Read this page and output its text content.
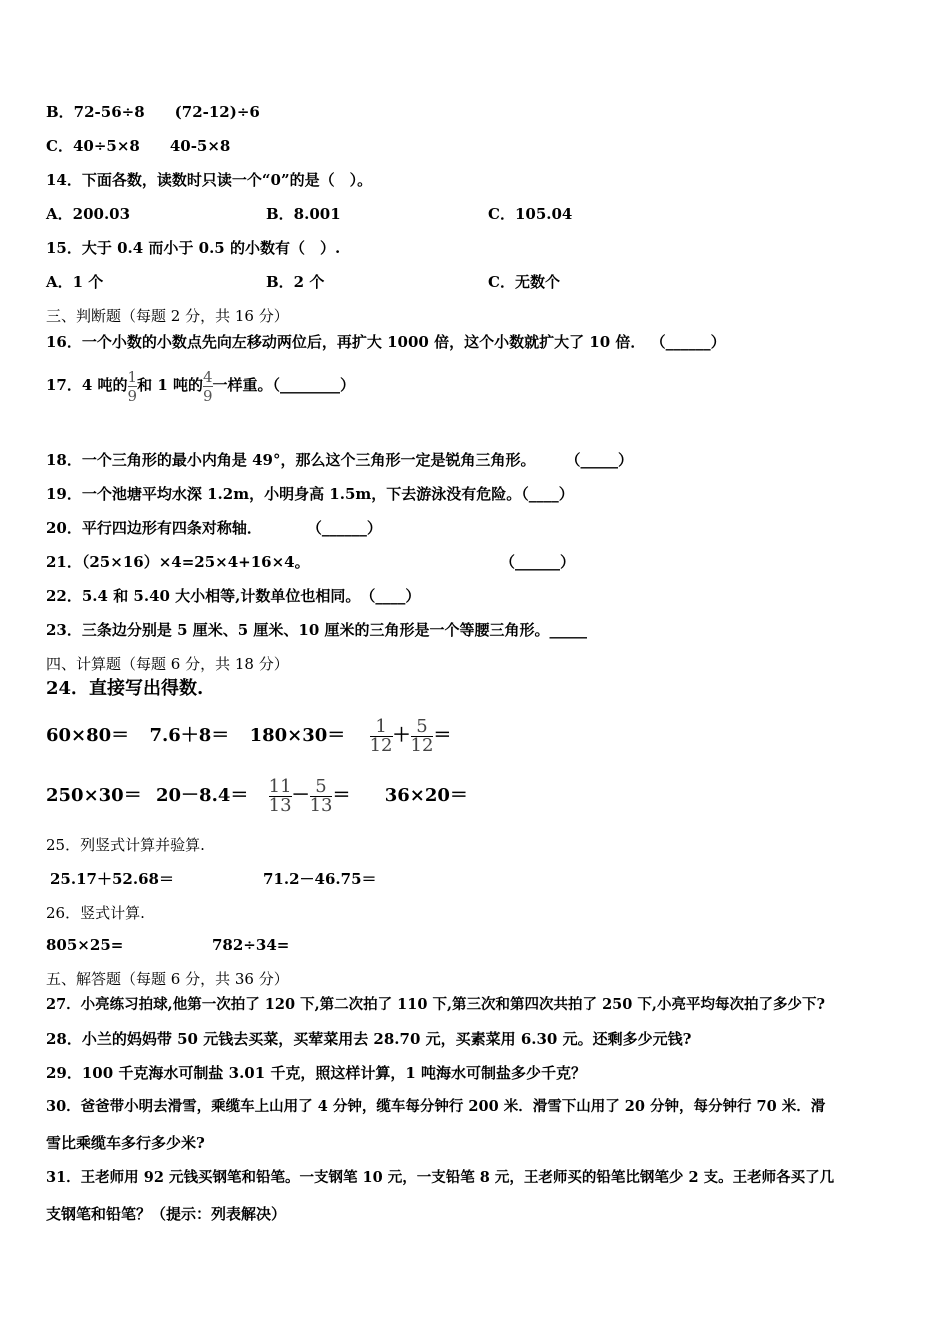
B．72-56÷8　　(72-12)÷6
C．40÷5×8　　40-5×8
14．下面各数，读数时只读一个“0”的是（　）。
A．200.03	B．8.001	C．105.04
15．大于 0.4 而小于 0.5 的小数有（　）.
A．1 个	B．2 个	C．无数个
三、判断题（每题 2 分，共 16 分）
16．一个小数的小数点先向左移动两位后，再扩大 1000 倍，这个小数就扩大了 10 倍． （______）
17．4 吨的 $\frac{1}{9}$ 和 1 吨的 $\frac{4}{9}$ 一样重。（________）
18．一个三角形的最小内角是 49°，那么这个三角形一定是锐角三角形。　　　（_____）
19．一个池塘平均水深 1.2m，小明身高 1.5m，下去游泳没有危险。（____）
20．平行四边形有四条对称轴．　　　　（______）
21．（25×16）×4=25×4+16×4。	（______）
22．5.4 和 5.40 大小相等,计数单位也相同。　（____）
23．三条边分别是 5 厘米、5 厘米、10 厘米的三角形是一个等腰三角形。_____
四、计算题（每题 6 分，共 18 分）
24．直接写出得数.
$60\times 80= 7.6+8= 180\times 30= \frac{1}{12} + \frac{5}{12}$ ＝
$250\times 30= 20-8.4= \frac{11}{13} - \frac{5}{13} = 36\times 20=$
25．列竖式计算并验算.
25.17＋52.68＝	71.2－46.75＝
26．竖式计算.
805×25=	782÷34=
五、解答题（每题 6 分，共 36 分）
27．小亮练习拍球,他第一次拍了 120 下,第二次拍了 110 下,第三次和第四次共拍了 250 下,小亮平均每次拍了多少下?
28．小兰的妈妈带 50 元钱去买菜，买荤菜用去 28.70 元，买素菜用 6.30 元。还剩多少元钱?
29．100 千克海水可制盐 3.01 千克，照这样计算，1 吨海水可制盐多少千克？
30．爸爸带小明去滑雪，乘缆车上山用了 4 分钟，缆车每分钟行 200 米．滑雪下山用了 20 分钟，每分钟行 70 米．滑
雪比乘缆车多行多少米?
31．王老师用 92 元钱买钢笔和铅笔。一支钢笔 10 元，一支铅笔 8 元，王老师买的铅笔比钢笔少 2 支。王老师各买了几
支钢笔和铅笔？（提示：列表解决）
